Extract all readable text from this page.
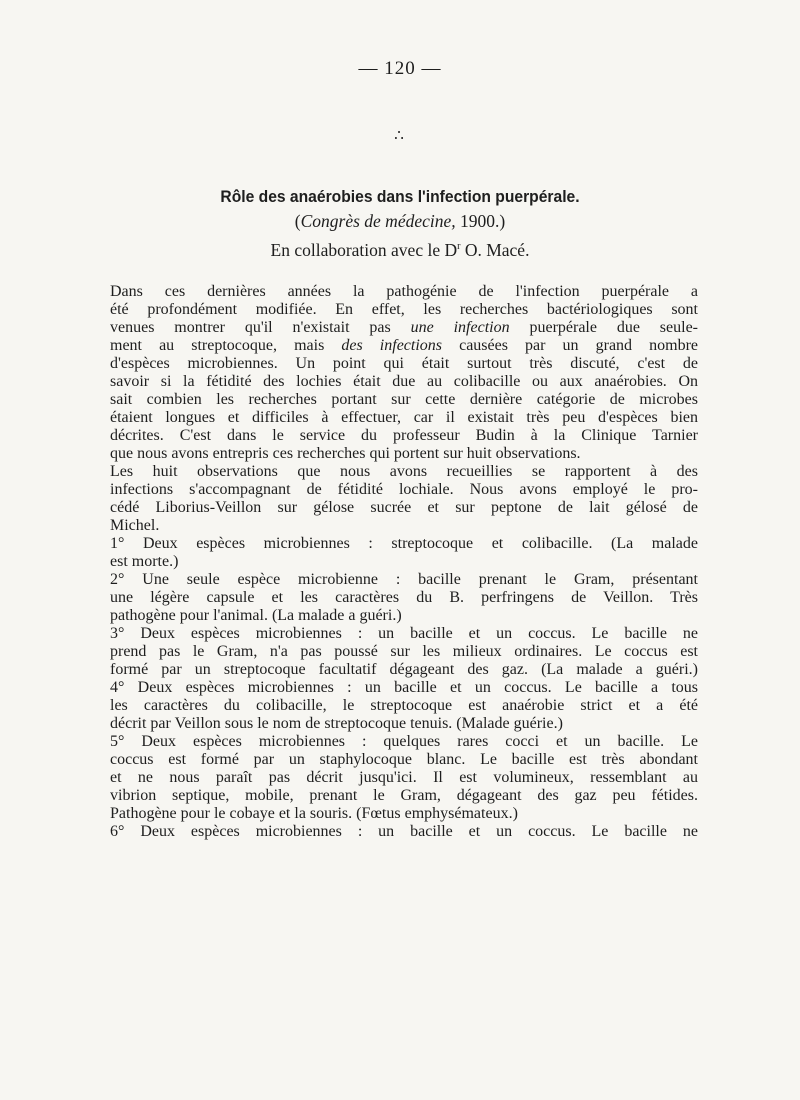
— 120 —
∴
Rôle des anaérobies dans l'infection puerpérale.
(Congrès de médecine, 1900.)
En collaboration avec le $D^r$ O. Macé.
Dans ces dernières années la pathogénie de l'infection puerpérale a
été profondément modifiée. En effet, les recherches bactériologiques sont
venues montrer qu'il n'existait pas une infection puerpérale due seule-
ment au streptocoque, mais des infections causées par un grand nombre
d'espèces microbiennes. Un point qui était surtout très discuté, c'est de
savoir si la fétidité des lochies était due au colibacille ou aux anaérobies. On
sait combien les recherches portant sur cette dernière catégorie de microbes
étaient longues et difficiles à effectuer, car il existait très peu d'espèces bien
décrites. C'est dans le service du professeur Budin à la Clinique Tarnier
que nous avons entrepris ces recherches qui portent sur huit observations.
Les huit observations que nous avons recueillies se rapportent à des
infections s'accompagnant de fétidité lochiale. Nous avons employé le pro-
cédé Liborius-Veillon sur gélose sucrée et sur peptone de lait gélosé de
Michel.
1° Deux espèces microbiennes : streptocoque et colibacille. (La malade
est morte.)
2° Une seule espèce microbienne : bacille prenant le Gram, présentant
une légère capsule et les caractères du B. perfringens de Veillon. Très
pathogène pour l'animal. (La malade a guéri.)
3° Deux espèces microbiennes : un bacille et un coccus. Le bacille ne
prend pas le Gram, n'a pas poussé sur les milieux ordinaires. Le coccus est
formé par un streptocoque facultatif dégageant des gaz. (La malade a guéri.)
4° Deux espèces microbiennes : un bacille et un coccus. Le bacille a tous
les caractères du colibacille, le streptocoque est anaérobie strict et a été
décrit par Veillon sous le nom de streptocoque tenuis. (Malade guérie.)
5° Deux espèces microbiennes : quelques rares cocci et un bacille. Le
coccus est formé par un staphylocoque blanc. Le bacille est très abondant
et ne nous paraît pas décrit jusqu'ici. Il est volumineux, ressemblant au
vibrion septique, mobile, prenant le Gram, dégageant des gaz peu fétides.
Pathogène pour le cobaye et la souris. (Fœtus emphysémateux.)
6° Deux espèces microbiennes : un bacille et un coccus. Le bacille ne
